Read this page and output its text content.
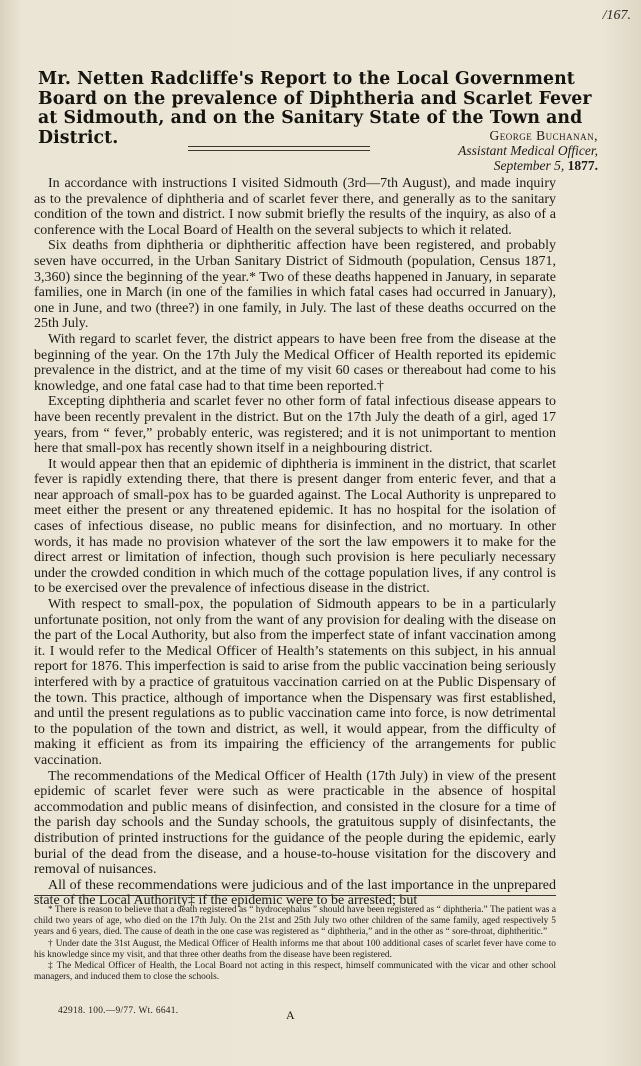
/167.
Mr. Netten Radcliffe's Report to the Local Government Board on the prevalence of Diphtheria and Scarlet Fever at Sidmouth, and on the Sanitary State of the Town and District.	George Buchanan,
Assistant Medical Officer,
September 5, 1877.

In accordance with instructions I visited Sidmouth (3rd—7th August), and made inquiry as to the prevalence of diphtheria and of scarlet fever there, and generally as to the sanitary condition of the town and district. I now submit briefly the results of the inquiry, as also of a conference with the Local Board of Health on the several subjects to which it related.

Six deaths from diphtheria or diphtheritic affection have been registered, and probably seven have occurred, in the Urban Sanitary District of Sidmouth (population, Census 1871, 3,360) since the beginning of the year.* Two of these deaths happened in January, in separate families, one in March (in one of the families in which fatal cases had occurred in January), one in June, and two (three?) in one family, in July. The last of these deaths occurred on the 25th July.

With regard to scarlet fever, the district appears to have been free from the disease at the beginning of the year. On the 17th July the Medical Officer of Health reported its epidemic prevalence in the district, and at the time of my visit 60 cases or thereabout had come to his knowledge, and one fatal case had to that time been reported.†

Excepting diphtheria and scarlet fever no other form of fatal infectious disease appears to have been recently prevalent in the district. But on the 17th July the death of a girl, aged 17 years, from “ fever,” probably enteric, was registered; and it is not unimportant to mention here that small-pox has recently shown itself in a neighbouring district.

It would appear then that an epidemic of diphtheria is imminent in the district, that scarlet fever is rapidly extending there, that there is present danger from enteric fever, and that a near approach of small-pox has to be guarded against. The Local Authority is unprepared to meet either the present or any threatened epidemic. It has no hospital for the isolation of cases of infectious disease, no public means for disinfection, and no mortuary. In other words, it has made no provision whatever of the sort the law empowers it to make for the direct arrest or limitation of infection, though such provision is here peculiarly necessary under the crowded condition in which much of the cottage population lives, if any control is to be exercised over the prevalence of infectious disease in the district.

With respect to small-pox, the population of Sidmouth appears to be in a particularly unfortunate position, not only from the want of any provision for dealing with the disease on the part of the Local Authority, but also from the imperfect state of infant vaccination among it. I would refer to the Medical Officer of Health’s statements on this subject, in his annual report for 1876. This imperfection is said to arise from the public vaccination being seriously interfered with by a practice of gratuitous vaccination carried on at the Public Dispensary of the town. This practice, although of importance when the Dispensary was first established, and until the present regulations as to public vaccination came into force, is now detrimental to the population of the town and district, as well, it would appear, from the difficulty of making it efficient as from its impairing the efficiency of the arrangements for public vaccination.

The recommendations of the Medical Officer of Health (17th July) in view of the present epidemic of scarlet fever were such as were practicable in the absence of hospital accommodation and public means of disinfection, and consisted in the closure for a time of the parish day schools and the Sunday schools, the gratuitous supply of disinfectants, the distribution of printed instructions for the guidance of the people during the epidemic, early burial of the dead from the disease, and a house-to-house visitation for the discovery and removal of nuisances.

All of these recommendations were judicious and of the last importance in the unprepared state of the Local Authority‡ if the epidemic were to be arrested; but

* There is reason to believe that a death registered as “ hydrocephalus ” should have been registered as “ diphtheria.” The patient was a child two years of age, who died on the 17th July. On the 21st and 25th July two other children of the same family, aged respectively 5 years and 6 years, died. The cause of death in the one case was registered as “ diphtheria,” and in the other as “ sore-throat, diphtheritic.”

† Under date the 31st August, the Medical Officer of Health informs me that about 100 additional cases of scarlet fever have come to his knowledge since my visit, and that three other deaths from the disease have been registered.

‡ The Medical Officer of Health, the Local Board not acting in this respect, himself communicated with the vicar and other school managers, and induced them to close the schools.

42918. 100.—9/77. Wt. 6641.	A
